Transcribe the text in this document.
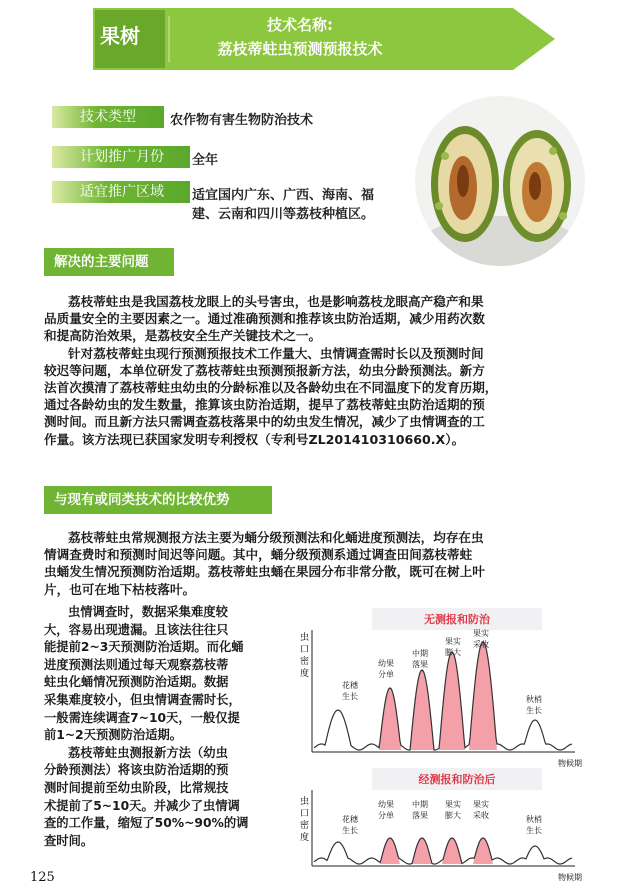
果树	技术名称:
荔枝蒂蛀虫预测预报技术
技术类型	农作物有害生物防治技术
计划推广月份	全年
适宜推广区域	适宜国内广东、广西、海南、福
建、云南和四川等荔枝种植区。
解决的主要问题

荔枝蒂蛀虫是我国荔枝龙眼上的头号害虫，也是影响荔枝龙眼高产稳产和果

品质量安全的主要因素之一。通过准确预测和推荐该虫防治适期，减少用药次数

和提高防治效果，是荔枝安全生产关键技术之一。

针对荔枝蒂蛀虫现行预测预报技术工作量大、虫情调查需时长以及预测时间

较迟等问题，本单位研发了荔枝蒂蛀虫预测预报新方法，幼虫分龄预测法。新方

法首次摸清了荔枝蒂蛀虫幼虫的分龄标准以及各龄幼虫在不同温度下的发育历期，

通过各龄幼虫的发生数量，推算该虫防治适期，提早了荔枝蒂蛀虫防治适期的预

测时间。而且新方法只需调查荔枝落果中的幼虫发生情况，减少了虫情调查的工

作量。该方法现已获国家发明专利授权（专利号ZL201410310660.X）。

与现有或同类技术的比较优势

荔枝蒂蛀虫常规测报方法主要为蛹分级预测法和化蛹进度预测法，均存在虫

情调查费时和预测时间迟等问题。其中，蛹分级预测系通过调查田间荔枝蒂蛀

虫蛹发生情况预测防治适期。荔枝蒂蛀虫蛹在果园分布非常分散，既可在树上叶

片，也可在地下枯枝落叶。

虫情调查时，数据采集难度较

大，容易出现遗漏。且该法往往只

能提前2~3天预测防治适期。而化蛹

进度预测法则通过每天观察荔枝蒂

蛀虫化蛹情况预测防治适期。数据

采集难度较小，但虫情调查需时长，

一般需连续调查7~10天，一般仅提

前1~2天预测防治适期。

荔枝蒂蛀虫测报新方法（幼虫

分龄预测法）将该虫防治适期的预

测时间提前至幼虫阶段，比常规技

术提前了5~10天。并减少了虫情调

查的工作量，缩短了50%~90%的调

查时间。

无测报和防治
虫
口
密
度
物候期
花穗
生长
幼果
分单
中期
落果
果实
膨大
果实
采收
秋梢
生长
经测报和防治后
虫
口
密
度
物候期
花穗
生长
幼果
分单
中期
落果
果实
膨大
果实
采收	秋梢
生长
125
